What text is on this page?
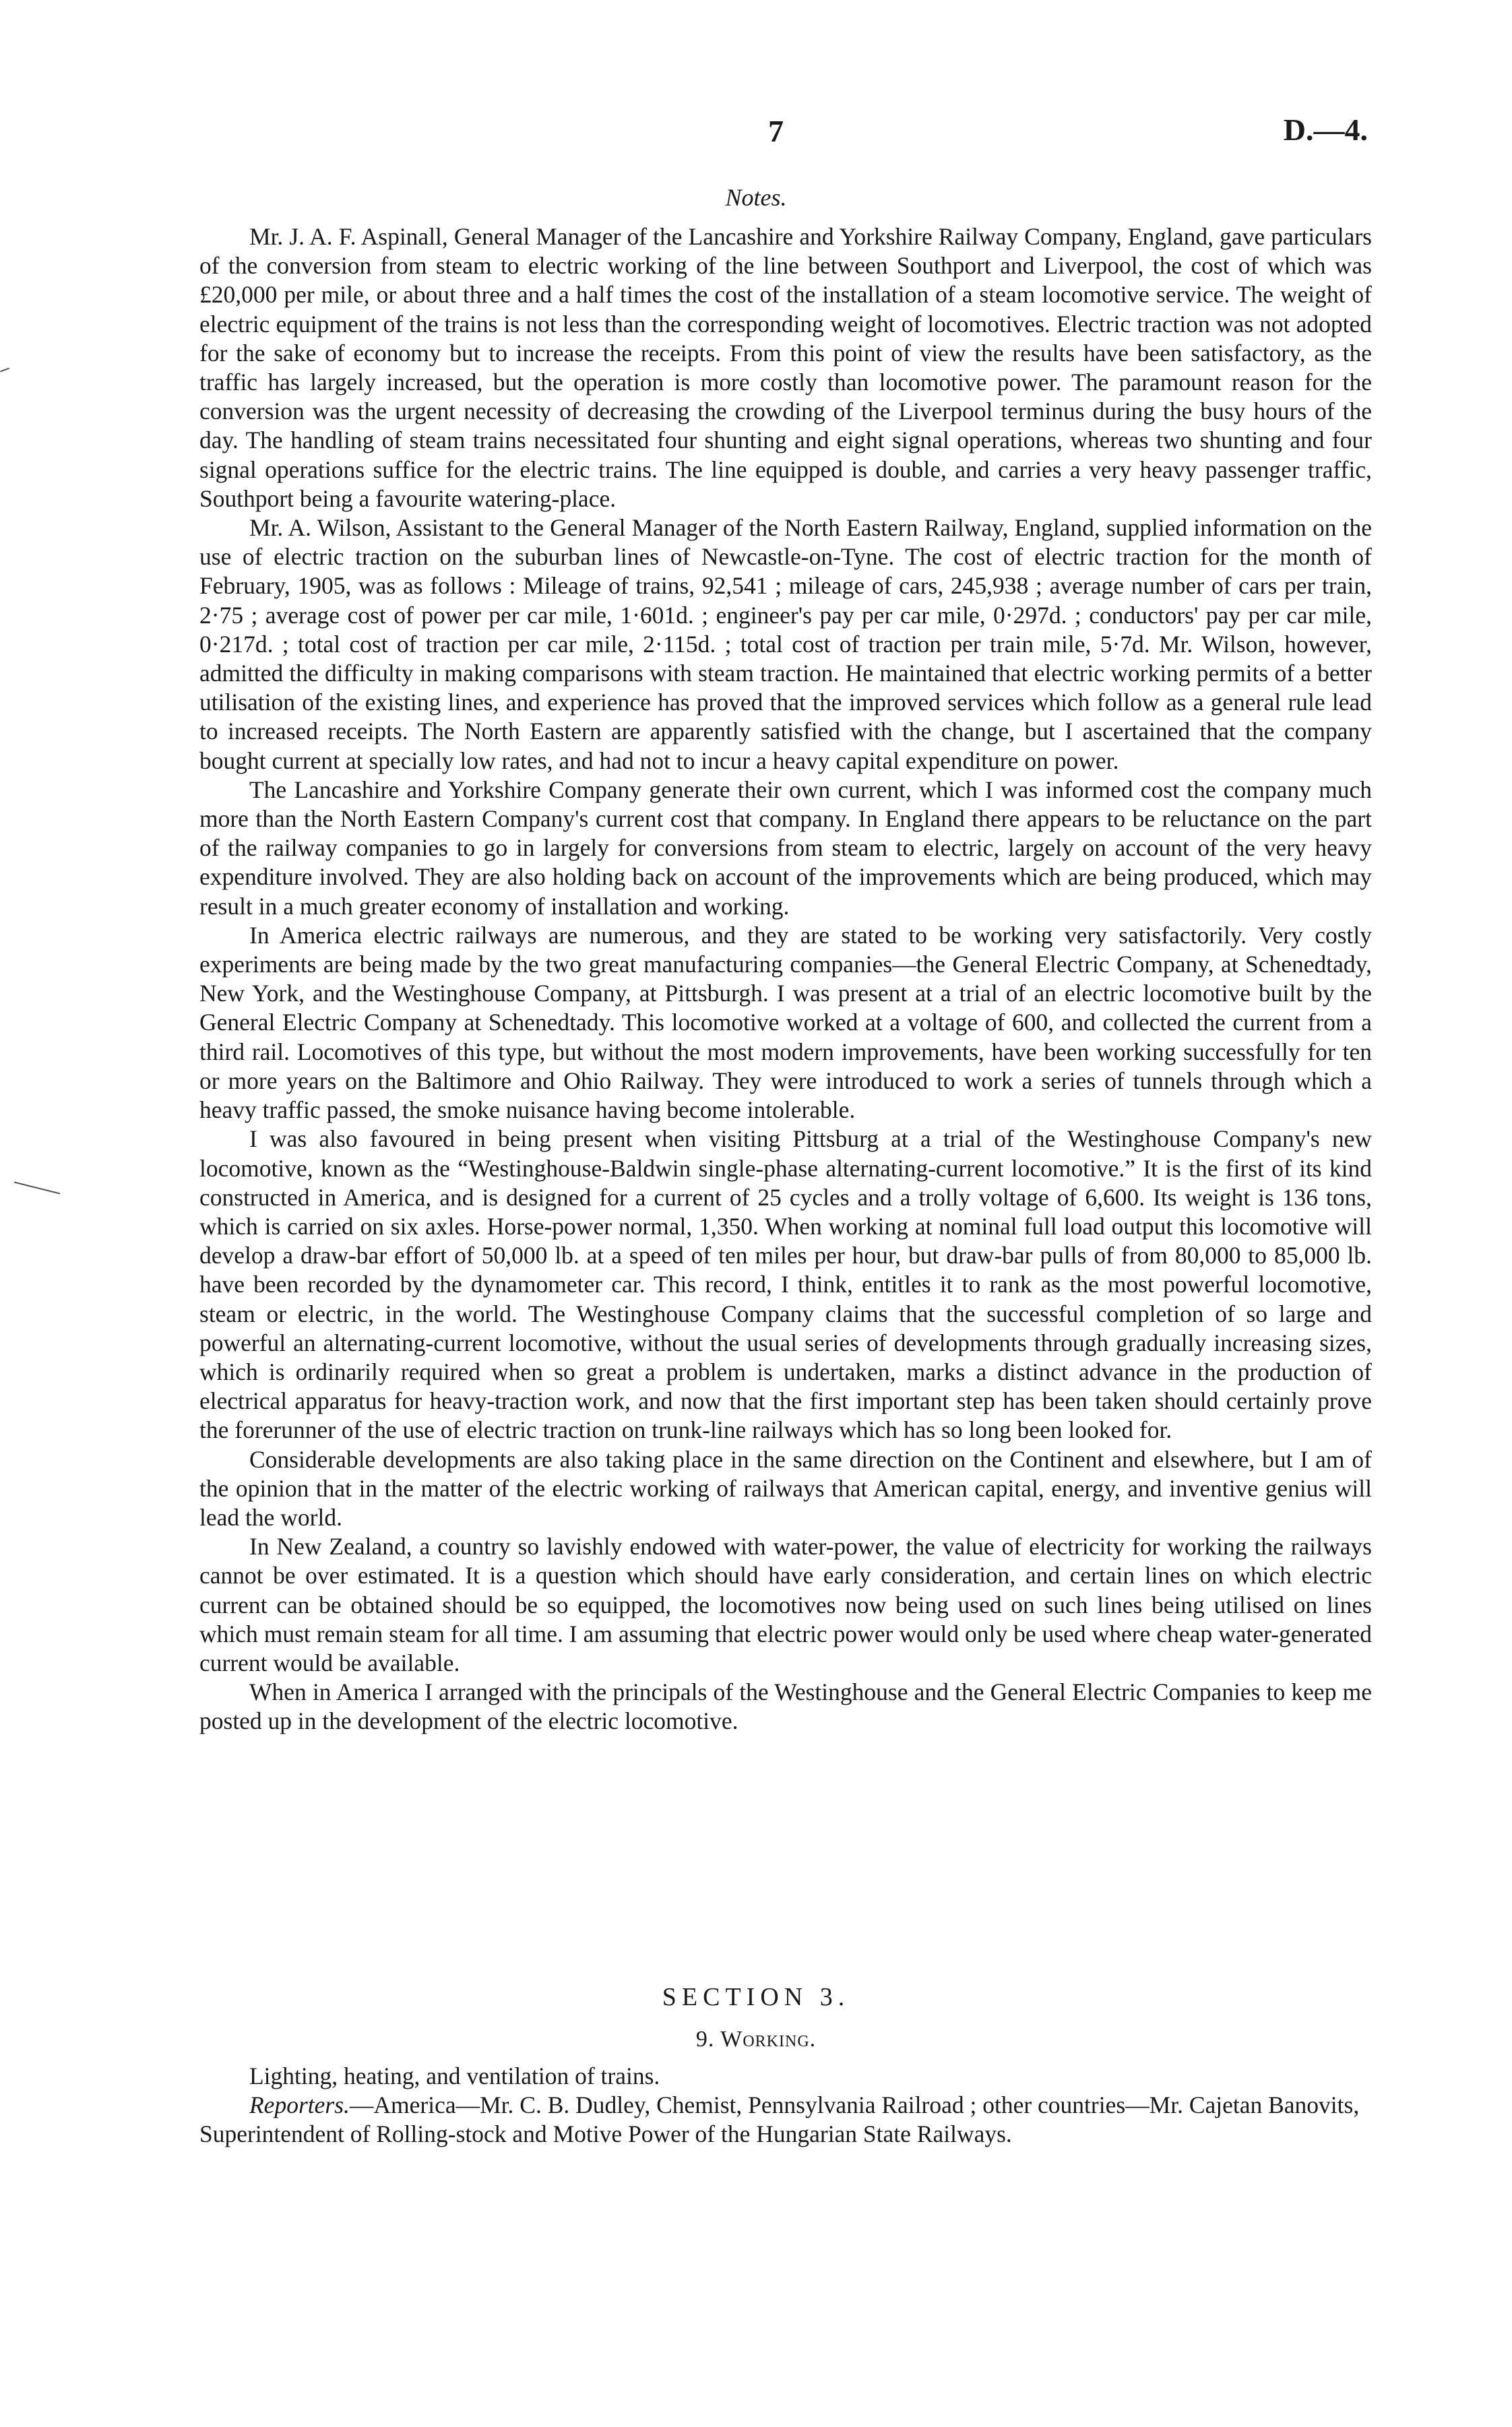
7	D.—4.
Notes.

Mr. J. A. F. Aspinall, General Manager of the Lancashire and Yorkshire Railway Company, England, gave particulars of the conversion from steam to electric working of the line between Southport and Liverpool, the cost of which was £20,000 per mile, or about three and a half times the cost of the installation of a steam locomotive service. The weight of electric equipment of the trains is not less than the corresponding weight of locomotives. Electric traction was not adopted for the sake of economy but to increase the receipts. From this point of view the results have been satisfactory, as the traffic has largely increased, but the operation is more costly than locomotive power. The paramount reason for the conversion was the urgent necessity of decreasing the crowding of the Liverpool terminus during the busy hours of the day. The handling of steam trains necessitated four shunting and eight signal operations, whereas two shunting and four signal operations suffice for the electric trains. The line equipped is double, and carries a very heavy passenger traffic, Southport being a favourite watering-place.

Mr. A. Wilson, Assistant to the General Manager of the North Eastern Railway, England, supplied information on the use of electric traction on the suburban lines of Newcastle-on-Tyne. The cost of electric traction for the month of February, 1905, was as follows : Mileage of trains, 92,541 ; mileage of cars, 245,938 ; average number of cars per train, 2·75 ; average cost of power per car mile, 1·601d. ; engineer's pay per car mile, 0·297d. ; conductors' pay per car mile, 0·217d. ; total cost of traction per car mile, 2·115d. ; total cost of traction per train mile, 5·7d. Mr. Wilson, however, admitted the difficulty in making comparisons with steam traction. He maintained that electric working permits of a better utilisation of the existing lines, and experience has proved that the improved services which follow as a general rule lead to increased receipts. The North Eastern are apparently satisfied with the change, but I ascertained that the company bought current at specially low rates, and had not to incur a heavy capital expenditure on power.

The Lancashire and Yorkshire Company generate their own current, which I was informed cost the company much more than the North Eastern Company's current cost that company. In England there appears to be reluctance on the part of the railway companies to go in largely for conversions from steam to electric, largely on account of the very heavy expenditure involved. They are also holding back on account of the improvements which are being produced, which may result in a much greater economy of installation and working.

In America electric railways are numerous, and they are stated to be working very satisfactorily. Very costly experiments are being made by the two great manufacturing companies—the General Electric Company, at Schenedtady, New York, and the Westinghouse Company, at Pittsburgh. I was present at a trial of an electric locomotive built by the General Electric Company at Schenedtady. This locomotive worked at a voltage of 600, and collected the current from a third rail. Locomotives of this type, but without the most modern improvements, have been working successfully for ten or more years on the Baltimore and Ohio Railway. They were introduced to work a series of tunnels through which a heavy traffic passed, the smoke nuisance having become intolerable.

I was also favoured in being present when visiting Pittsburg at a trial of the Westinghouse Company's new locomotive, known as the “Westinghouse-Baldwin single-phase alternating-current locomotive.” It is the first of its kind constructed in America, and is designed for a current of 25 cycles and a trolly voltage of 6,600. Its weight is 136 tons, which is carried on six axles. Horse-power normal, 1,350. When working at nominal full load output this locomotive will develop a draw-bar effort of 50,000 lb. at a speed of ten miles per hour, but draw-bar pulls of from 80,000 to 85,000 lb. have been recorded by the dynamometer car. This record, I think, entitles it to rank as the most powerful locomotive, steam or electric, in the world. The Westinghouse Company claims that the successful completion of so large and powerful an alternating-current locomotive, without the usual series of developments through gradually increasing sizes, which is ordinarily required when so great a problem is undertaken, marks a distinct advance in the production of electrical apparatus for heavy-traction work, and now that the first important step has been taken should certainly prove the forerunner of the use of electric traction on trunk-line railways which has so long been looked for.

Considerable developments are also taking place in the same direction on the Continent and elsewhere, but I am of the opinion that in the matter of the electric working of railways that American capital, energy, and inventive genius will lead the world.

In New Zealand, a country so lavishly endowed with water-power, the value of electricity for working the railways cannot be over estimated. It is a question which should have early consideration, and certain lines on which electric current can be obtained should be so equipped, the locomotives now being used on such lines being utilised on lines which must remain steam for all time. I am assuming that electric power would only be used where cheap water-generated current would be available.

When in America I arranged with the principals of the Westinghouse and the General Electric Companies to keep me posted up in the development of the electric locomotive.

SECTION 3.
9. Working.

Lighting, heating, and ventilation of trains.

Reporters.—America—Mr. C. B. Dudley, Chemist, Pennsylvania Railroad ; other countries—Mr. Cajetan Banovits, Superintendent of Rolling-stock and Motive Power of the Hungarian State Railways.
